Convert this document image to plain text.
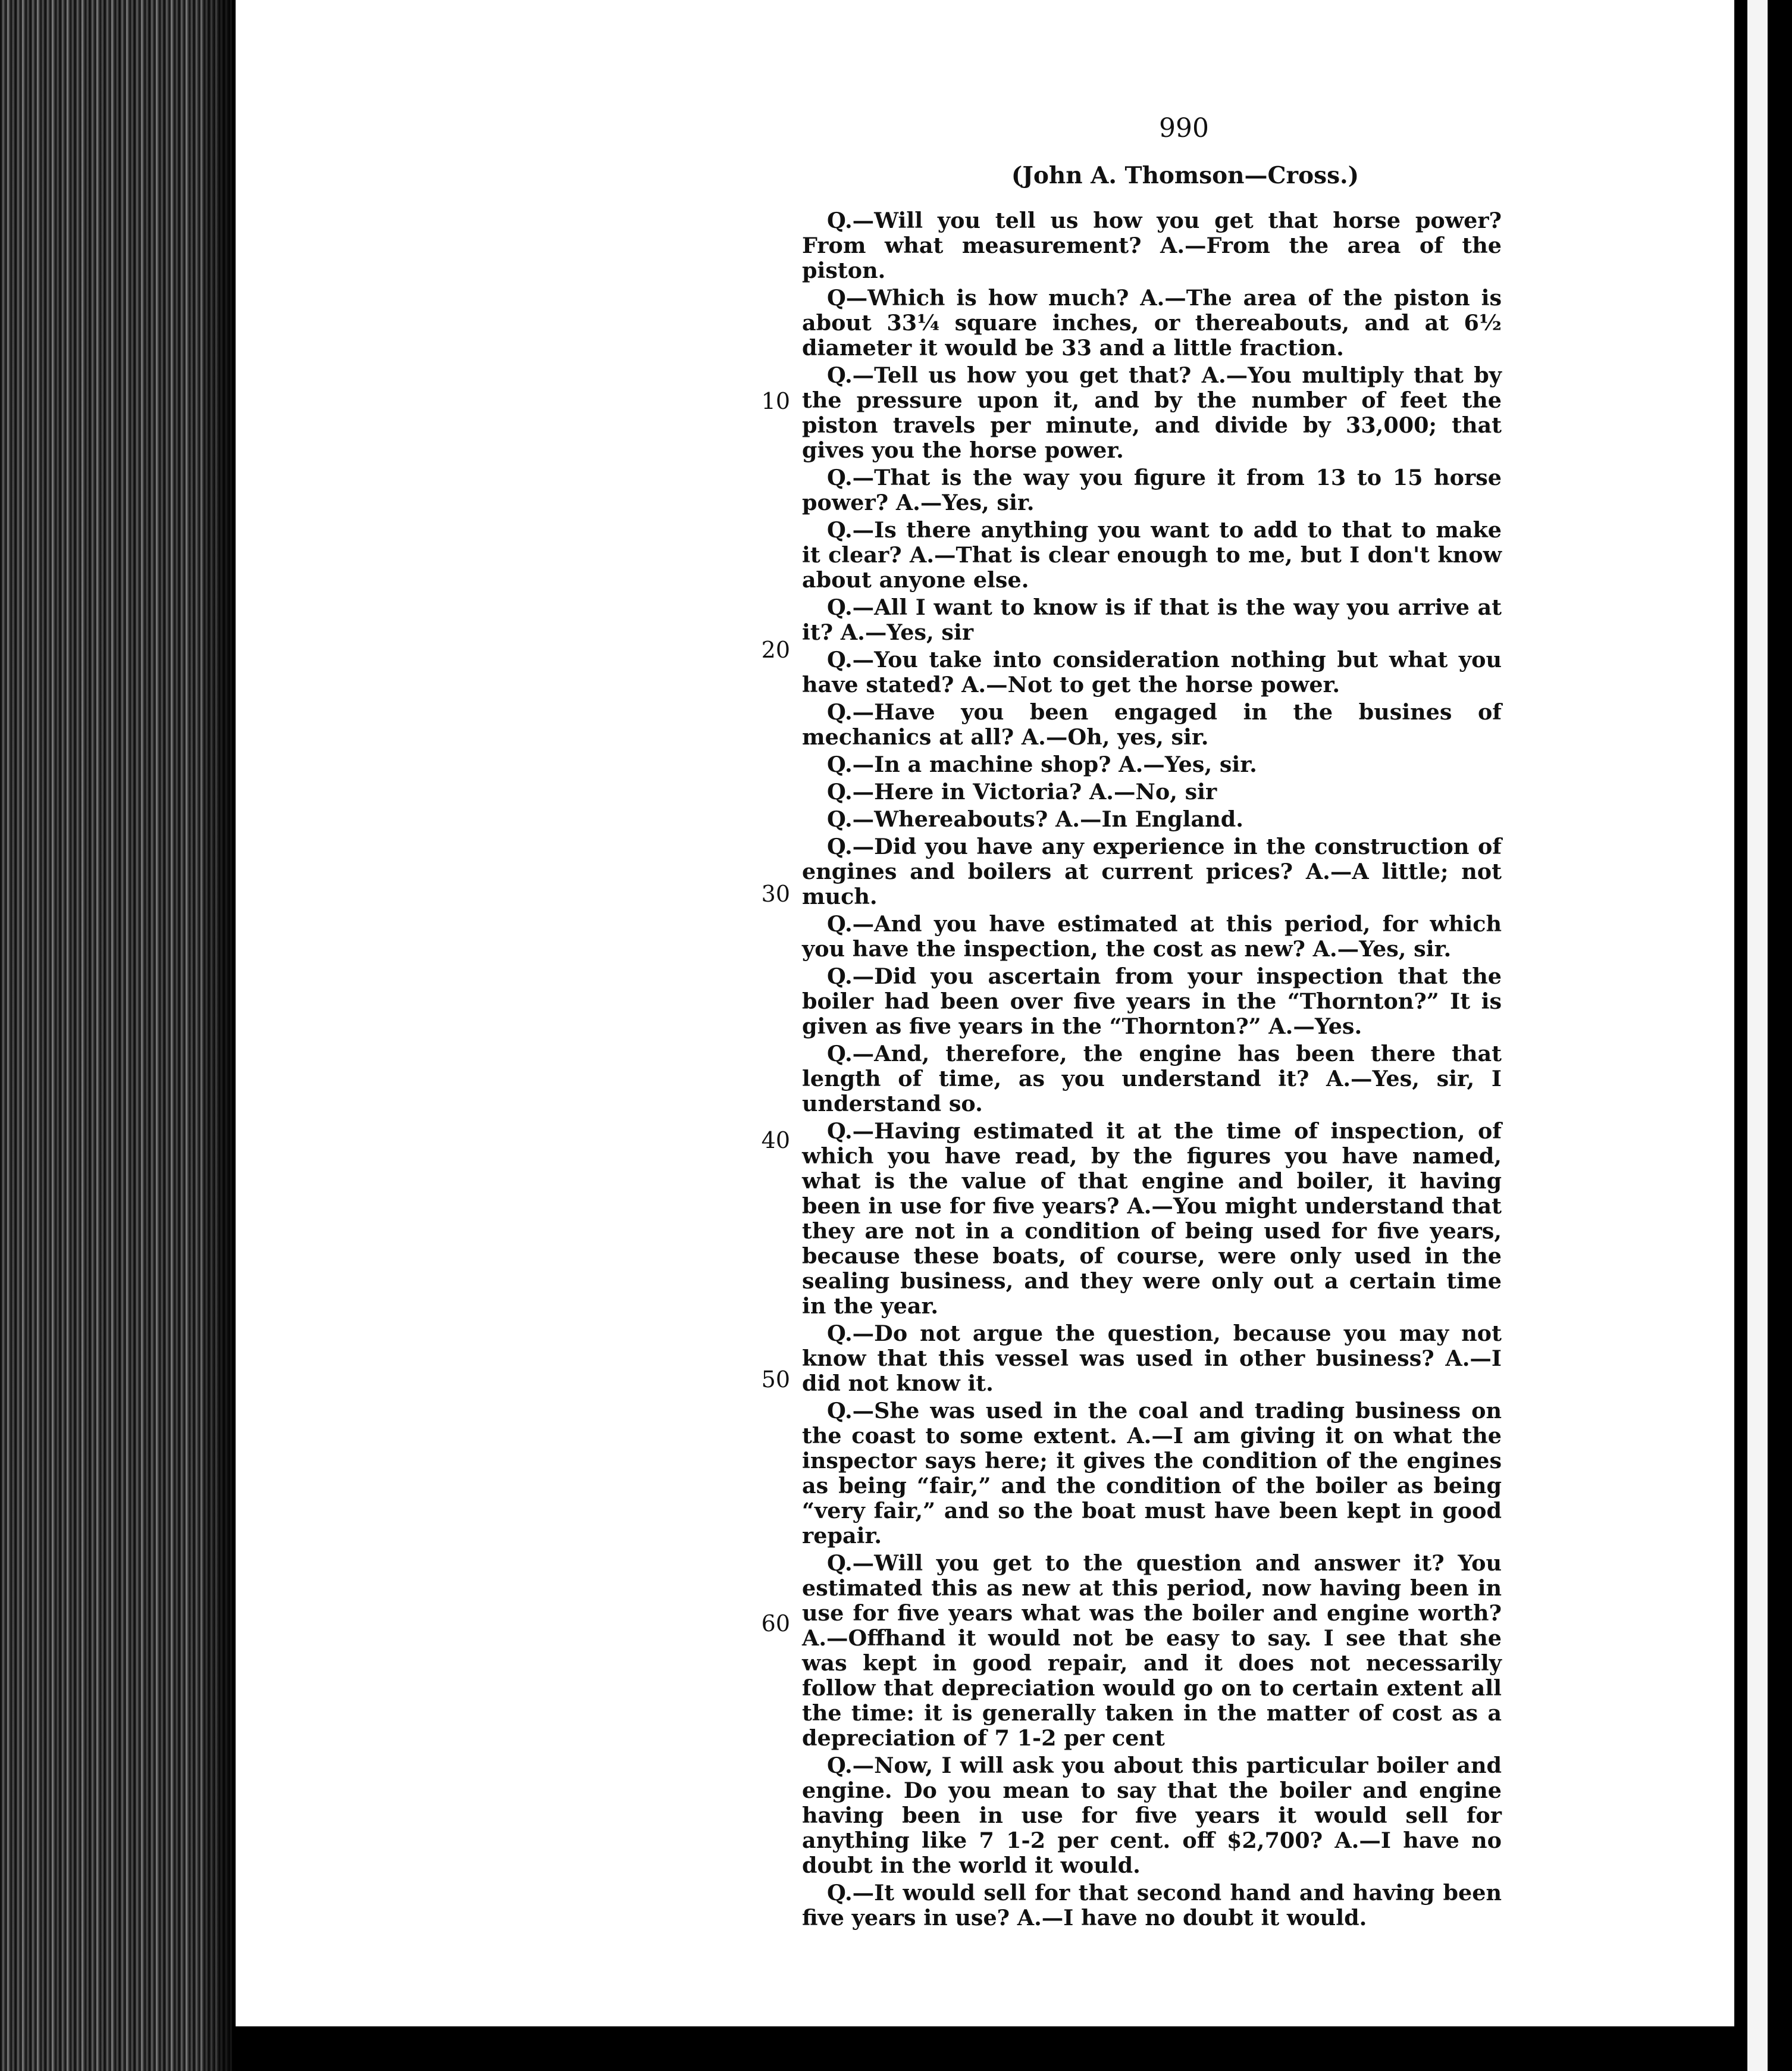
990
(John A. Thomson—Cross.)
10
20
30
40
50
60

Q.—Will you tell us how you get that horse power? From what measurement? A.—From the area of the piston.

Q—Which is how much? A.—The area of the piston is about 33¼ square inches, or thereabouts, and at 6½ diameter it would be 33 and a little fraction.

Q.—Tell us how you get that? A.—You multiply that by the pressure upon it, and by the number of feet the piston travels per minute, and divide by 33,000; that gives you the horse power.

Q.—That is the way you figure it from 13 to 15 horse power? A.—Yes, sir.

Q.—Is there anything you want to add to that to make it clear? A.—That is clear enough to me, but I don't know about anyone else.

Q.—All I want to know is if that is the way you arrive at it? A.—Yes, sir

Q.—You take into consideration nothing but what you have stated? A.—Not to get the horse power.

Q.—Have you been engaged in the busines of mechanics at all? A.—Oh, yes, sir.

Q.—In a machine shop? A.—Yes, sir.

Q.—Here in Victoria? A.—No, sir

Q.—Whereabouts? A.—In England.

Q.—Did you have any experience in the construction of engines and boilers at current prices? A.—A little; not much.

Q.—And you have estimated at this period, for which you have the inspection, the cost as new? A.—Yes, sir.

Q.—Did you ascertain from your inspection that the boiler had been over five years in the “Thornton?” It is given as five years in the “Thornton?” A.—Yes.

Q.—And, therefore, the engine has been there that length of time, as you understand it? A.—Yes, sir, I understand so.

Q.—Having estimated it at the time of inspection, of which you have read, by the figures you have named, what is the value of that engine and boiler, it having been in use for five years? A.—You might understand that they are not in a condition of being used for five years, because these boats, of course, were only used in the sealing business, and they were only out a certain time in the year.

Q.—Do not argue the question, because you may not know that this vessel was used in other business? A.—I did not know it.

Q.—She was used in the coal and trading business on the coast to some extent. A.—I am giving it on what the inspector says here; it gives the condition of the engines as being “fair,” and the condition of the boiler as being “very fair,” and so the boat must have been kept in good repair.

Q.—Will you get to the question and answer it? You estimated this as new at this period, now having been in use for five years what was the boiler and engine worth? A.—Offhand it would not be easy to say. I see that she was kept in good repair, and it does not necessarily follow that depreciation would go on to certain extent all the time: it is generally taken in the matter of cost as a depreciation of 7 1-2 per cent

Q.—Now, I will ask you about this particular boiler and engine. Do you mean to say that the boiler and engine having been in use for five years it would sell for anything like 7 1-2 per cent. off $2,700? A.—I have no doubt in the world it would.

Q.—It would sell for that second hand and having been five years in use? A.—I have no doubt it would.
